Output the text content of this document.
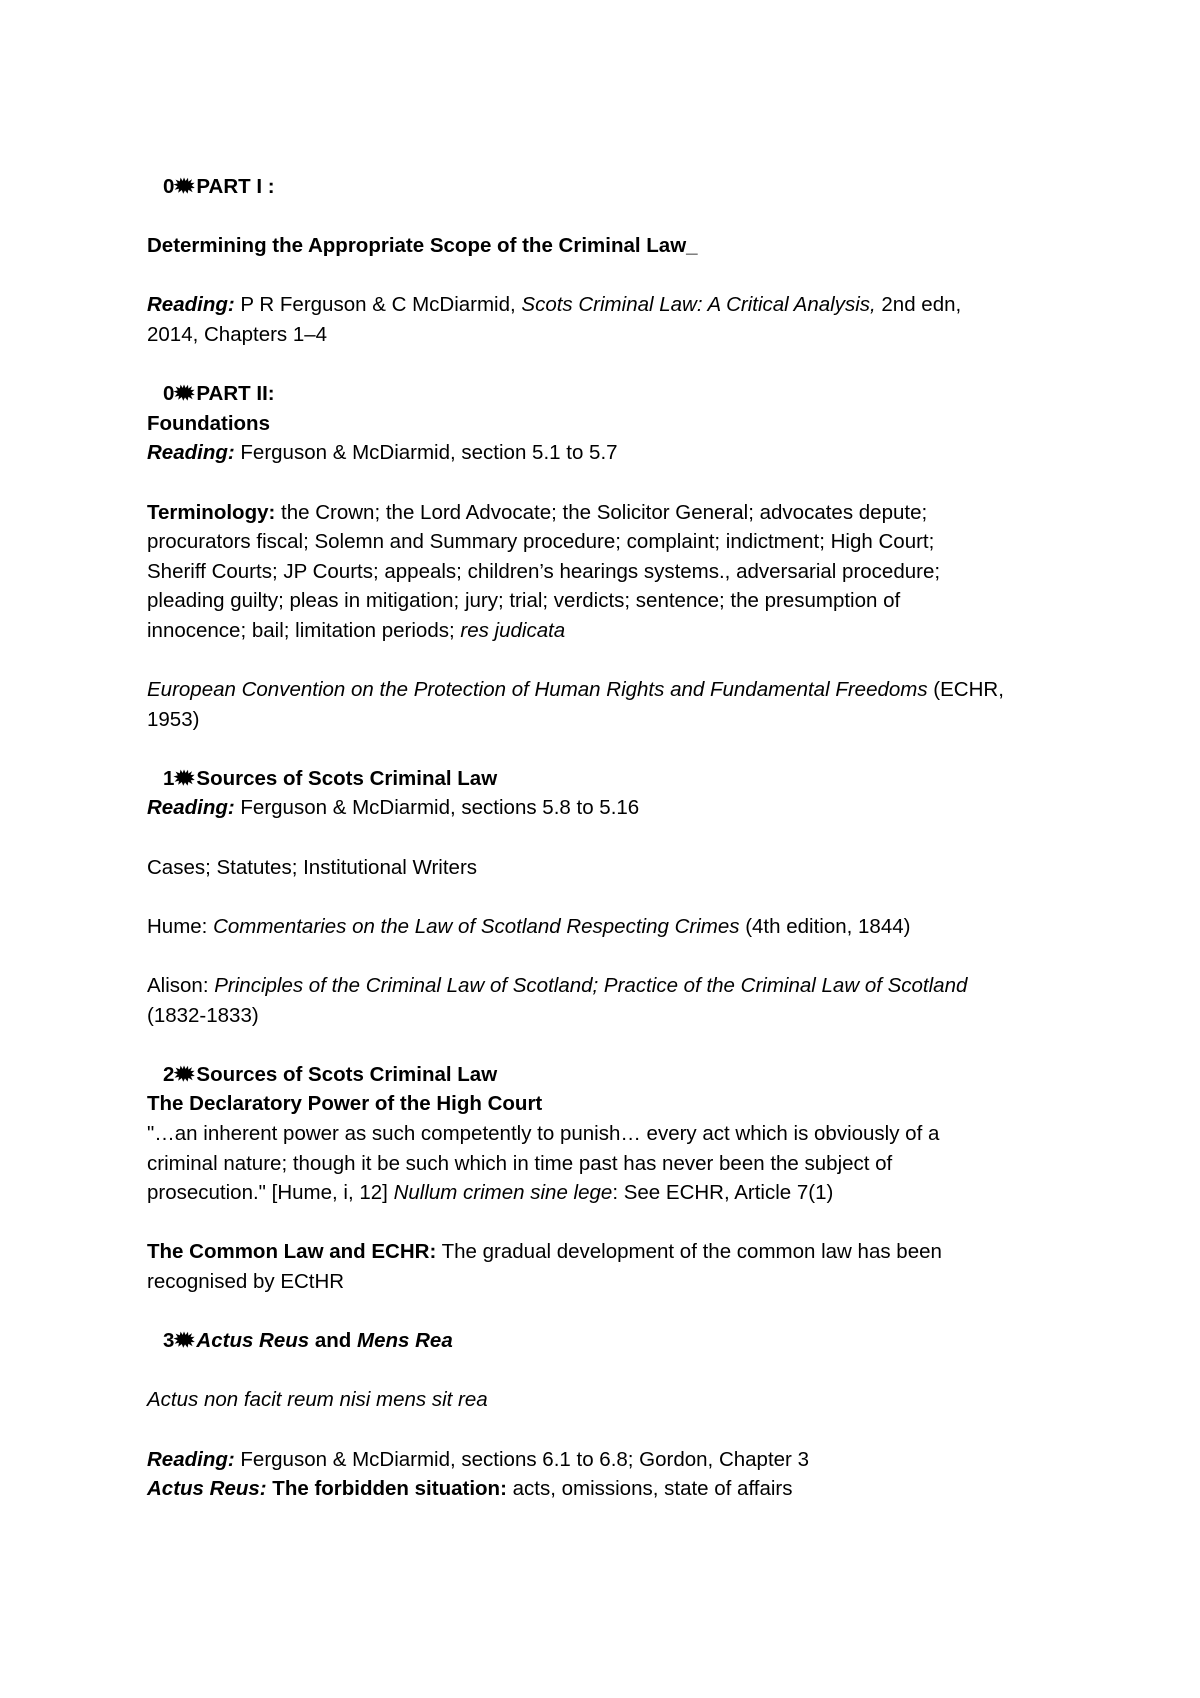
0 PART I :

Determining the Appropriate Scope of the Criminal Law_

Reading: P R Ferguson & C McDiarmid, Scots Criminal Law: A Critical Analysis, 2nd edn,

2014, Chapters 1–4

0 PART II:

Foundations

Reading: Ferguson & McDiarmid, section 5.1 to 5.7

Terminology: the Crown; the Lord Advocate; the Solicitor General; advocates depute;

procurators fiscal; Solemn and Summary procedure; complaint; indictment; High Court;

Sheriff Courts; JP Courts; appeals; children’s hearings systems., adversarial procedure;

pleading guilty; pleas in mitigation; jury; trial; verdicts; sentence; the presumption of

innocence; bail; limitation periods; res judicata

European Convention on the Protection of Human Rights and Fundamental Freedoms (ECHR,

1953)

1 Sources of Scots Criminal Law

Reading: Ferguson & McDiarmid, sections 5.8 to 5.16

Cases; Statutes; Institutional Writers

Hume: Commentaries on the Law of Scotland Respecting Crimes (4th edition, 1844)

Alison: Principles of the Criminal Law of Scotland; Practice of the Criminal Law of Scotland

(1832-1833)

2 Sources of Scots Criminal Law

The Declaratory Power of the High Court

"…an inherent power as such competently to punish… every act which is obviously of a

criminal nature; though it be such which in time past has never been the subject of

prosecution." [Hume, i, 12] Nullum crimen sine lege: See ECHR, Article 7(1)

The Common Law and ECHR: The gradual development of the common law has been

recognised by ECtHR

3 Actus Reus and Mens Rea

Actus non facit reum nisi mens sit rea

Reading: Ferguson & McDiarmid, sections 6.1 to 6.8; Gordon, Chapter 3

Actus Reus: The forbidden situation: acts, omissions, state of affairs
